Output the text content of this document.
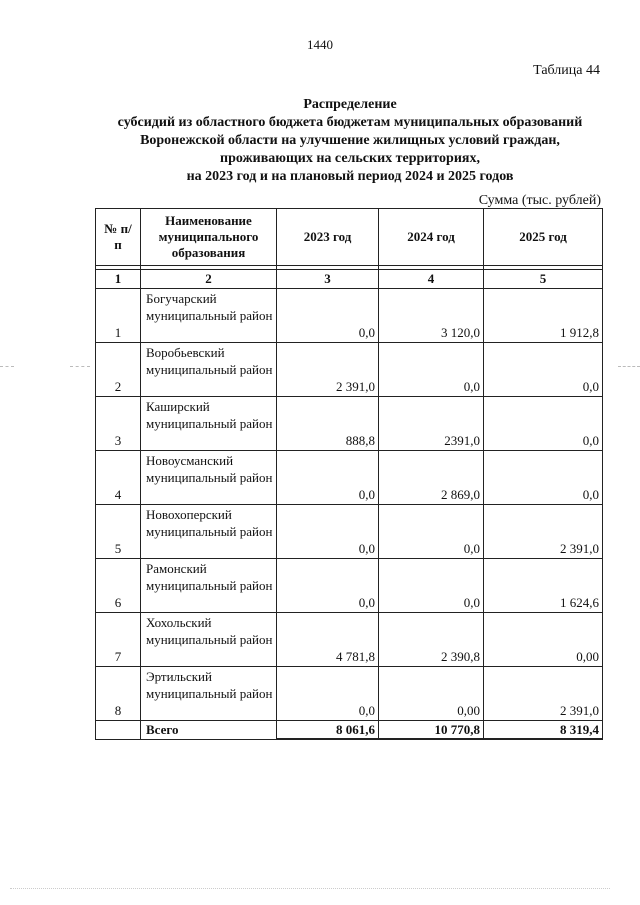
1440
Таблица 44
Распределение
субсидий из областного бюджета бюджетам муниципальных образований
Воронежской области на улучшение жилищных условий граждан,
проживающих на сельских территориях,
на 2023 год и на плановый период 2024 и 2025 годов
Сумма (тыс. рублей)
№ п/п	Наименование муниципального образования	2023 год	2024 год	2025 год

1	2	3	4	5
1	Богучарский муниципальный район	0,0	3 120,0	1 912,8
2	Воробьевский муниципальный район	2 391,0	0,0	0,0
3	Каширский муниципальный район	888,8	2391,0	0,0
4	Новоусманский муниципальный район	0,0	2 869,0	0,0
5	Новохоперский муниципальный район	0,0	0,0	2 391,0
6	Рамонский муниципальный район	0,0	0,0	1 624,6
7	Хохольский муниципальный район	4 781,8	2 390,8	0,00
8	Эртильский муниципальный район	0,0	0,00	2 391,0
	Всего	8 061,6	10 770,8	8 319,4
